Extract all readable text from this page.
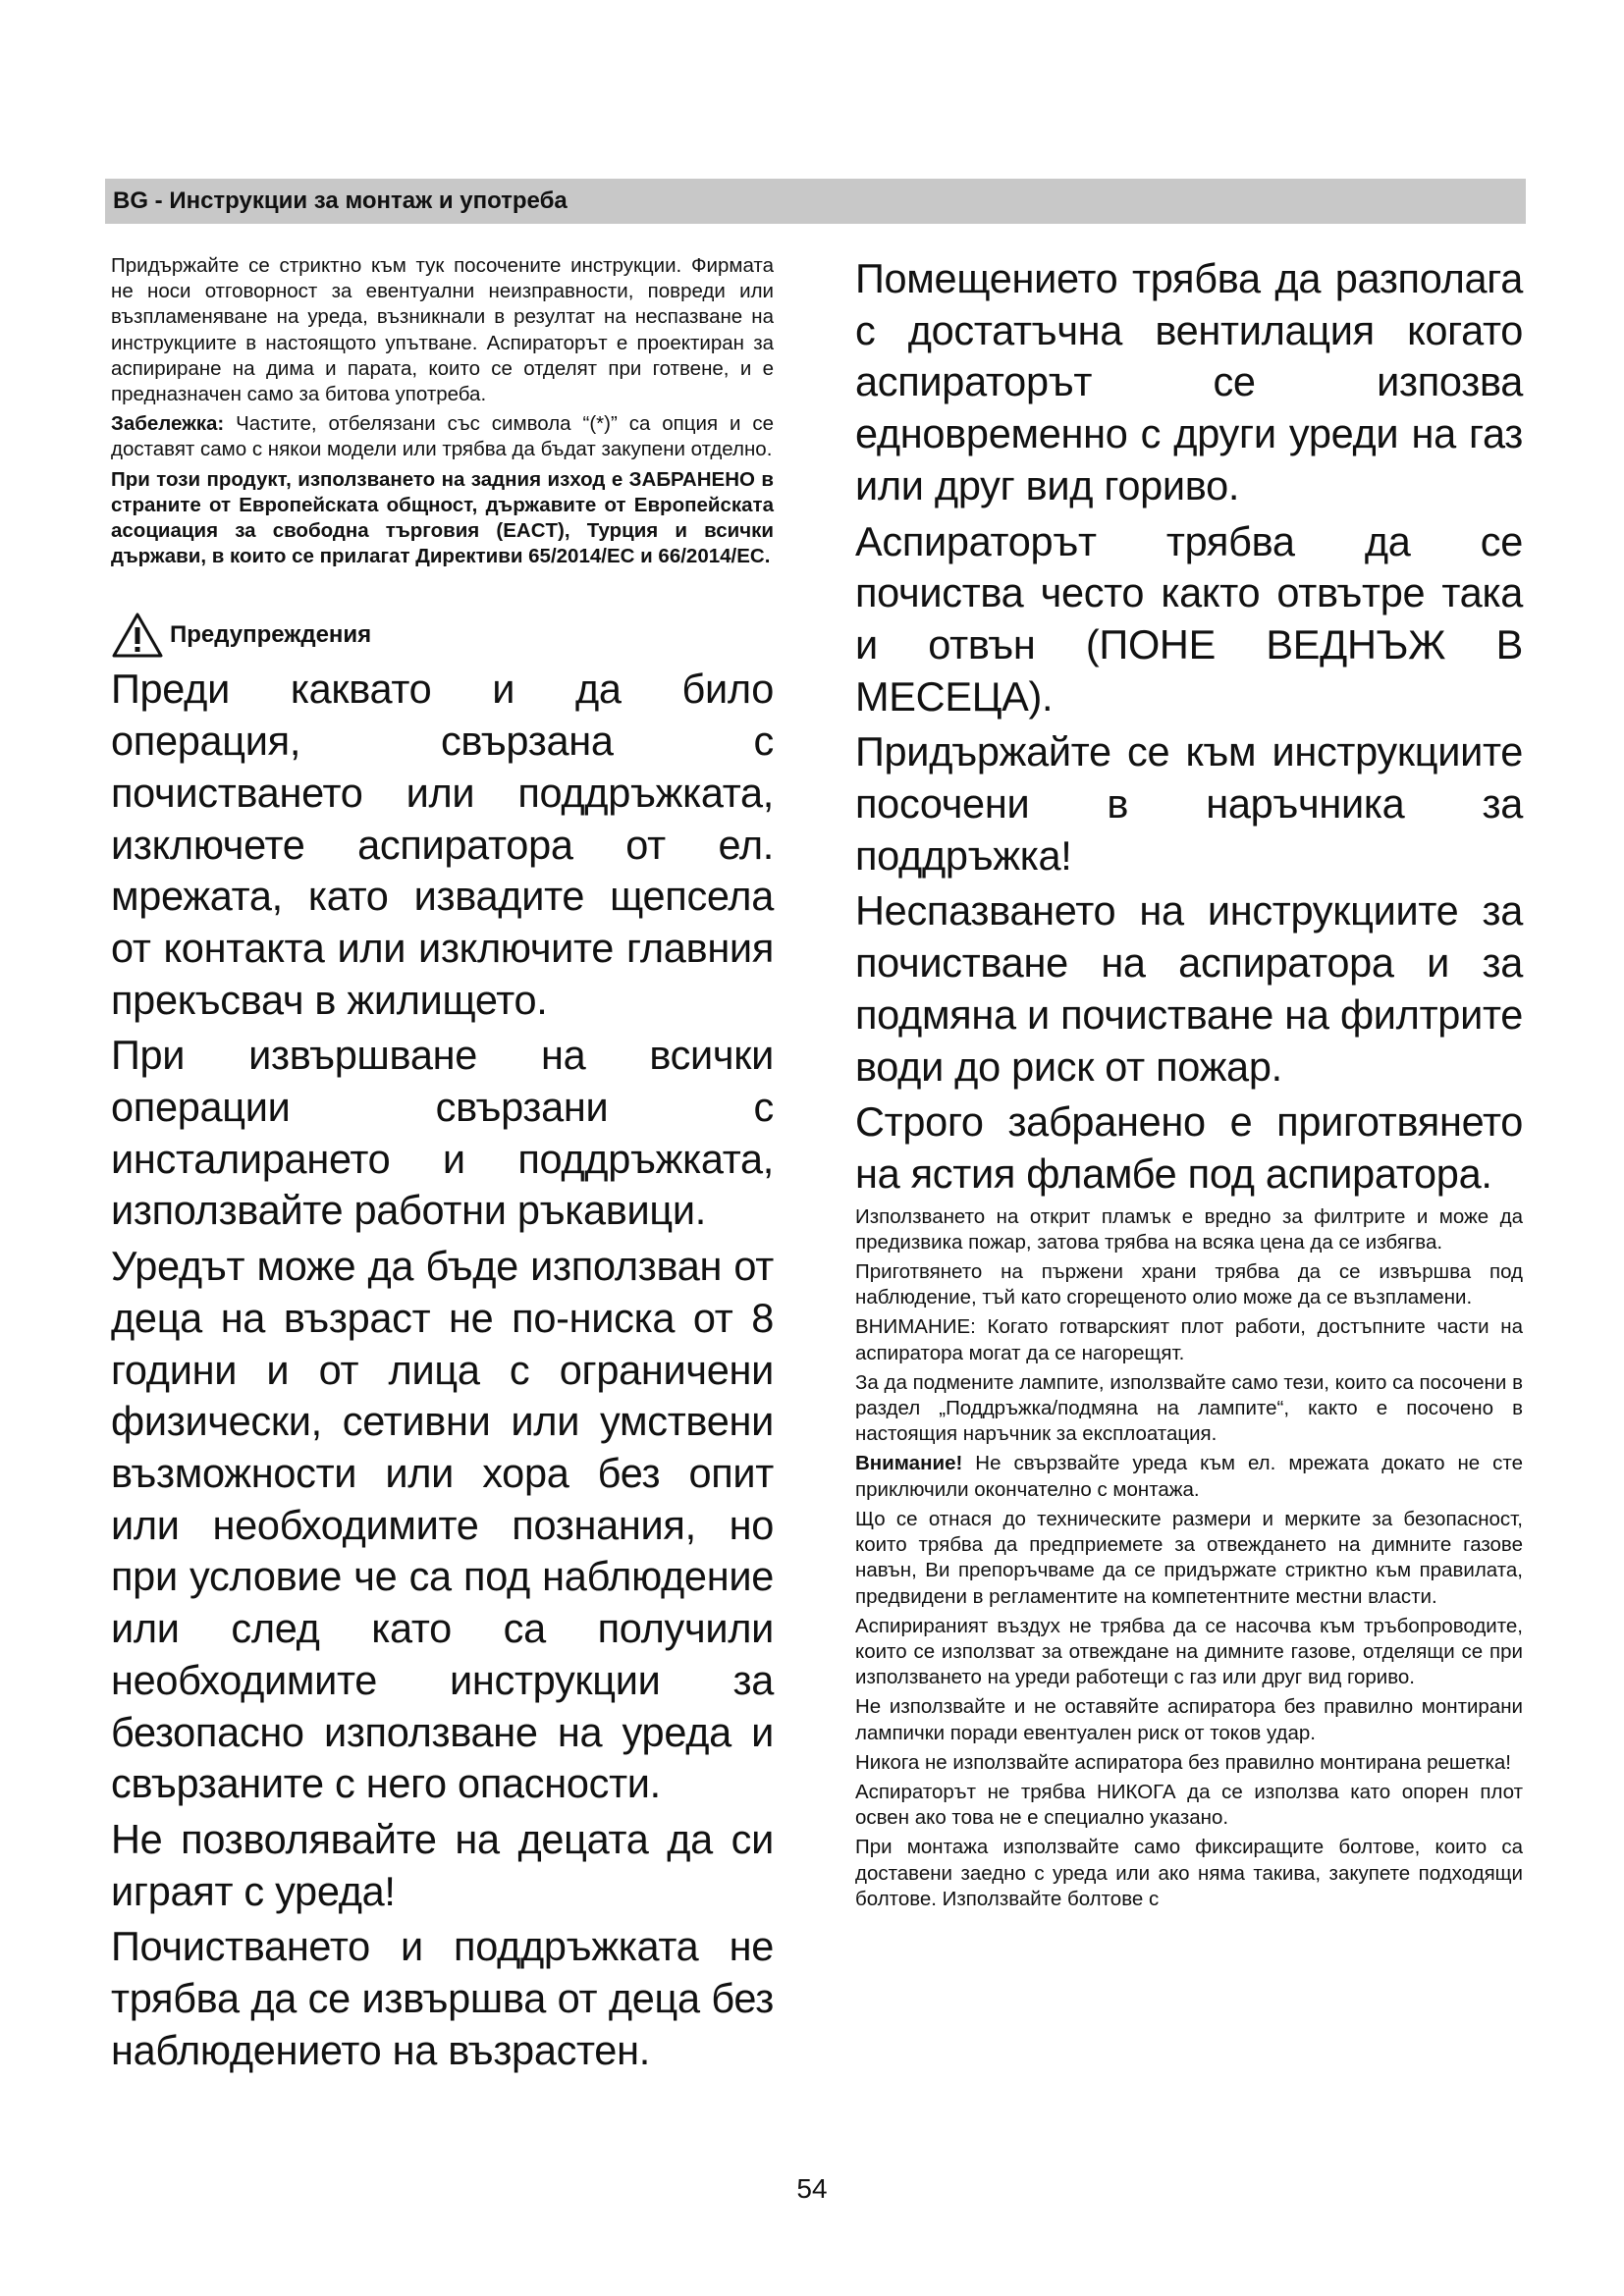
BG - Инструкции за монтаж и употреба

Придържайте се стриктно към тук посочените инструкции. Фирмата не носи отговорност за евентуални неизправности, повреди или възпламеняване на уреда, възникнали в резултат на неспазване на инструкциите в настоящото упътване. Аспираторът е проектиран за аспириране на дима и парата, които се отделят при готвене, и е предназначен само за битова употреба.

Забележка: Частите, отбелязани със символа “(*)” са опция и се доставят само с някои модели или трябва да бъдат закупени отделно.

При този продукт, използването на задния изход е ЗАБРАНЕНО в страните от Европейската общност, държавите от Европейската асоциация за свободна търговия (EACT), Турция и всички държави, в които се прилагат Директиви 65/2014/ЕС и 66/2014/ЕС.

Предупреждения

Преди каквато и да било операция, свързана с почистването или поддръжката, изключете аспиратора от ел. мрежата, като извадите щепсела от контакта или изключите главния прекъсвач в жилището.

При извършване на всички операции свързани с инсталирането и поддръжката, използвайте работни ръкавици.

Уредът може да бъде използван от деца на възраст не по-ниска от 8 години и от лица с ограничени физически, сетивни или умствени възможности или хора без опит или необходимите познания, но при условие че са под наблюдение или след като са получили необходимите инструкции за безопасно използване на уреда и свързаните с него опасности.

Не позволявайте на децата да си играят с уреда!

Почистването и поддръжката не трябва да се извършва от деца без наблюдението на възрастен.

Помещението трябва да разполага с достатъчна вентилация когато аспираторът се изпозва едновременно с други уреди на газ или друг вид гориво.

Аспираторът трябва да се почиства често както отвътре така и отвън (ПОНЕ ВЕДНЪЖ В МЕСЕЦА).

Придържайте се към инструкциите посочени в наръчника за поддръжка!

Неспазването на инструкциите за почистване на аспиратора и за подмяна и почистване на филтрите води до риск от пожар.

Строго забранено е приготвянето на ястия фламбе под аспиратора.

Използването на открит пламък е вредно за филтрите и може да предизвика пожар, затова трябва на всяка цена да се избягва.

Приготвянето на пържени храни трябва да се извършва под наблюдение, тъй като сгорещеното олио може да се възпламени.

ВНИМАНИЕ: Когато готварският плот работи, достъпните части на аспиратора могат да се нагорещят.

За да подмените лампите, използвайте само тези, които са посочени в раздел „Поддръжка/подмяна на лампите“, както е посочено в настоящия наръчник за експлоатация.

Внимание! Не свързвайте уреда към ел. мрежата докато не сте приключили окончателно с монтажа.

Що се отнася до техническите размери и мерките за безопасност, които трябва да предприемете за отвеждането на димните газове навън, Ви препоръчваме да се придържате стриктно към правилата, предвидени в регламентите на компетентните местни власти.

Аспирираният въздух не трябва да се насочва към тръбопроводите, които се използват за отвеждане на димните газове, отделящи се при използването на уреди работещи с газ или друг вид гориво.

Не използвайте и не оставяйте аспиратора без правилно монтирани лампички поради евентуален риск от токов удар.

Никога не използвайте аспиратора без правилно монтирана решетка!

Аспираторът не трябва НИКОГА да се използва като опорен плот освен ако това не е специално указано.

При монтажа използвайте само фиксиращите болтове, които са доставени заедно с уреда или ако няма такива, закупете подходящи болтове. Използвайте болтове с

54
